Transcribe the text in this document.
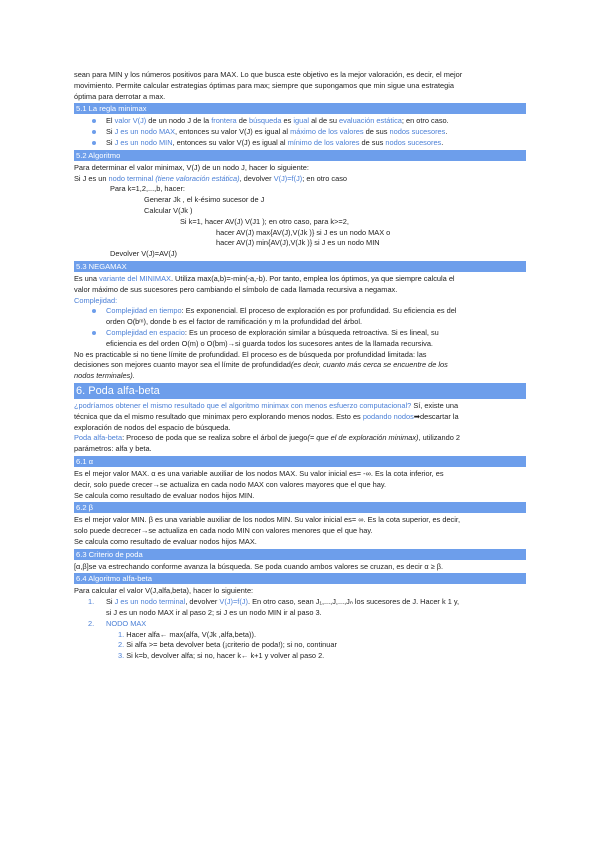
sean para MIN y los números positivos para MAX. Lo que busca este objetivo es la mejor valoración, es decir, el mejor

movimiento. Permite calcular estrategias óptimas para max; siempre que supongamos que min sigue una estrategia

óptima para derrotar a max.

5.1 La regla minimax
El valor V(J) de un nodo J de la frontera de búsqueda es igual al de su evaluación estática; en otro caso.
Si J es un nodo MAX, entonces su valor V(J) es igual al máximo de los valores de sus nodos sucesores.
Si J es un nodo MIN, entonces su valor V(J) es igual al mínimo de los valores de sus nodos sucesores.
5.2 Algoritmo

Para determinar el valor minimax, V(J) de un nodo J, hacer lo siguiente:

Si J es un nodo terminal (tiene valoración estática), devolver V(J)=f(J); en otro caso

Para k=1,2,...,b, hacer:

Generar Jk , el k-ésimo sucesor de J

Calcular V(Jk )

Si k=1, hacer AV(J) V(J1 ); en otro caso, para k>=2,

hacer AV(J) max{AV(J),V(Jk )} si J es un nodo MAX o

hacer AV(J) min{AV(J),V(Jk )} si J es un nodo MIN

Devolver V(J)=AV(J)

5.3 NEGAMAX

Es una variante del MINIMAX. Utiliza max(a,b)=-min(-a,-b). Por tanto, emplea los óptimos, ya que siempre calcula el

valor máximo de sus sucesores pero cambiando el símbolo de cada llamada recursiva a negamax.

Complejidad:

Complejidad en tiempo: Es exponencial. El proceso de exploración es por profundidad. Su eficiencia es del

orden O(bᵐ), donde b es el factor de ramificación y m la profundidad del árbol.

Complejidad en espacio: Es un proceso de exploración similar a búsqueda retroactiva. Si es lineal, su

eficiencia es del orden O(m) o O(bm)→si guarda todos los sucesores antes de la llamada recursiva.

No es practicable si no tiene límite de profundidad. El proceso es de búsqueda por profundidad limitada: las

decisiones son mejores cuanto mayor sea el límite de profundidad(es decir, cuanto más cerca se encuentre de los

nodos terminales).

6. Poda alfa-beta

¿podríamos obtener el mismo resultado que el algoritmo minimax con menos esfuerzo computacional? Sí, existe una

técnica que da el mismo resultado que minimax pero explorando menos nodos. Esto es podando nodos➡descartar la

exploración de nodos del espacio de búsqueda.

Poda alfa-beta: Proceso de poda que se realiza sobre el árbol de juego(= que el de exploración minimax), utilizando 2

parámetros: alfa y beta.

6.1 α

Es el mejor valor MAX. α es una variable auxiliar de los nodos MAX. Su valor inicial es= -∞. Es la cota inferior, es

decir, solo puede crecer→se actualiza en cada nodo MAX con valores mayores que el que hay.

Se calcula como resultado de evaluar nodos hijos MIN.

6.2 β

Es el mejor valor MIN. β es una variable auxiliar de los nodos MIN. Su valor inicial es= ∞. Es la cota superior, es decir,

solo puede decrecer→se actualiza en cada nodo MIN con valores menores que el que hay.

Se calcula como resultado de evaluar nodos hijos MAX.

6.3 Criterio de poda

[α,β]se va estrechando conforme avanza la búsqueda. Se poda cuando ambos valores se cruzan, es decir α ≥ β.

6.4 Algoritmo alfa-beta

Para calcular el valor V(J,alfa,beta), hacer lo siguiente:

1. Si J es un nodo terminal, devolver V(J)=f(J). En otro caso, sean J₁,...,J,...,Jₙ los sucesores de J. Hacer k 1 y,

si J es un nodo MAX ir al paso 2; si J es un nodo MIN ir al paso 3.

2. NODO MAX

1. Hacer alfa← max(alfa, V(Jk ,alfa,beta)).

2. Si alfa >= beta devolver beta (¡criterio de poda!); si no, continuar

3. Si k=b, devolver alfa; si no, hacer k← k+1 y volver al paso 2.
